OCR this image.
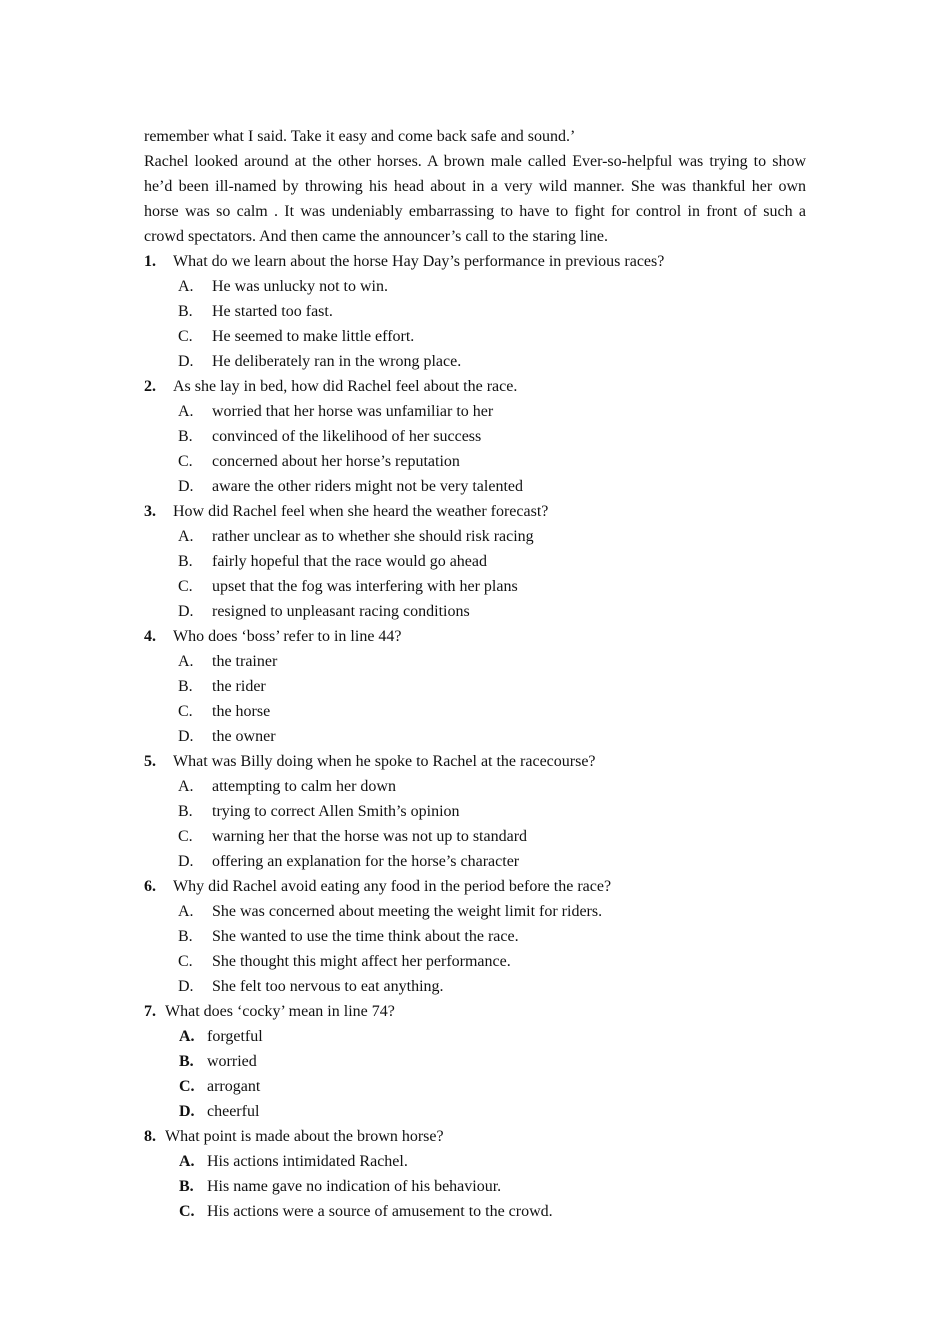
remember what I said. Take it easy and come back safe and sound.’
Rachel looked around at the other horses. A brown male called Ever-so-helpful was trying to show
he’d been ill-named by throwing his head about in a very wild manner. She was thankful her own
horse was so calm . It was undeniably embarrassing to have to fight for control in front of such a
crowd spectators. And then came the announcer’s call to the staring line.
1.	What do we learn about the horse Hay Day’s performance in previous races?
A.	He was unlucky not to win.
B.	He started too fast.
C.	He seemed to make little effort.
D.	He deliberately ran in the wrong place.
2.	As she lay in bed, how did Rachel feel about the race.
A.	worried that her horse was unfamiliar to her
B.	convinced of the likelihood of her success
C.	concerned about her horse’s reputation
D.	aware the other riders might not be very talented
3.	How did Rachel feel when she heard the weather forecast?
A.	rather unclear as to whether she should risk racing
B.	fairly hopeful that the race would go ahead
C.	upset that the fog was interfering with her plans
D.	resigned to unpleasant racing conditions
4.	Who does ‘boss’ refer to in line 44?
A.	the trainer
B.	the rider
C.	the horse
D.	the owner
5.	What was Billy doing when he spoke to Rachel at the racecourse?
A.	attempting to calm her down
B.	trying to correct Allen Smith’s opinion
C.	warning her that the horse was not up to standard
D.	offering an explanation for the horse’s character
6.	Why did Rachel avoid eating any food in the period before the race?
A.	She was concerned about meeting the weight limit for riders.
B.	She wanted to use the time think about the race.
C.	She thought this might affect her performance.
D.	She felt too nervous to eat anything.
7. What does ‘cocky’ mean in line 74?
A. forgetful
B. worried
C. arrogant
D. cheerful
8. What point is made about the brown horse?
A. His actions intimidated Rachel.
B. His name gave no indication of his behaviour.
C. His actions were a source of amusement to the crowd.
